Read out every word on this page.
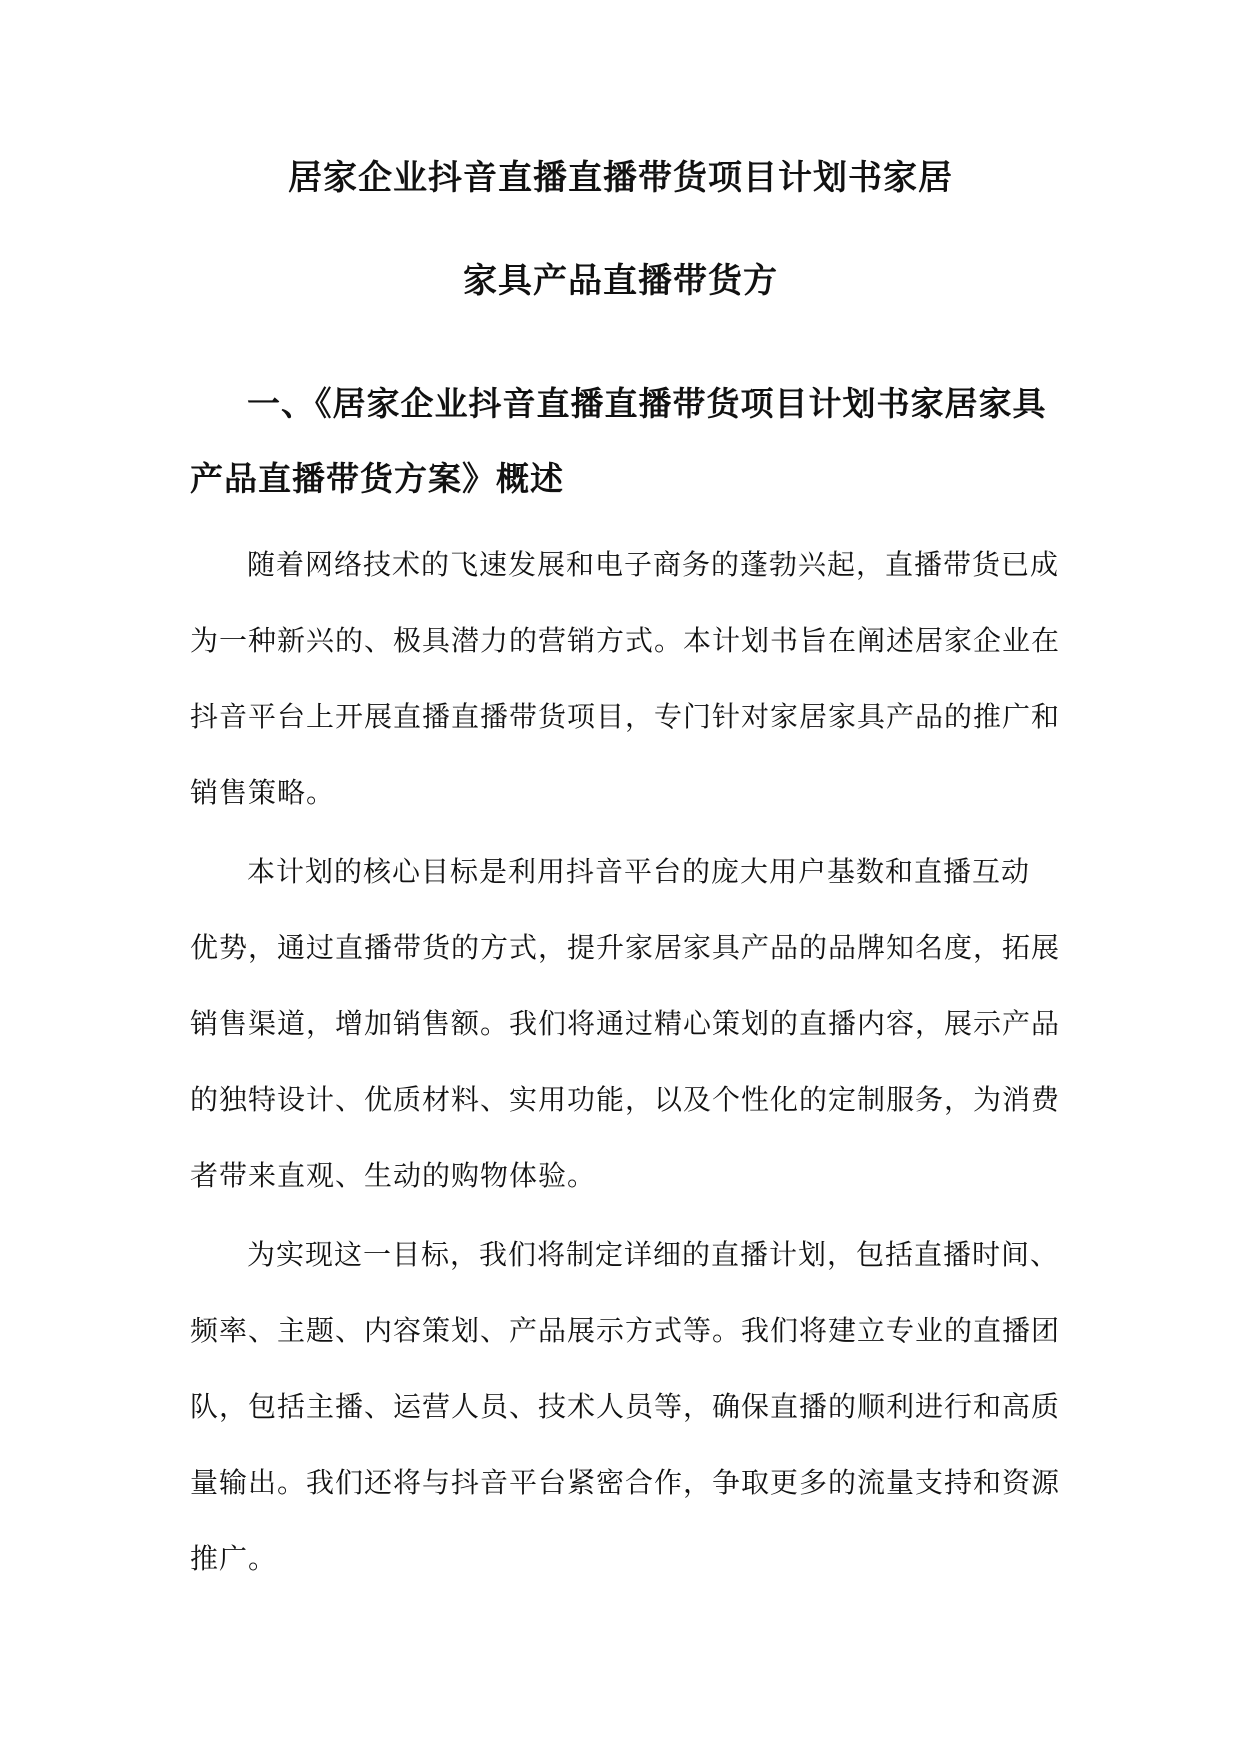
居家企业抖音直播直播带货项目计划书家居
家具产品直播带货方
一、《居家企业抖音直播直播带货项目计划书家居家具
产品直播带货方案》概述
随着网络技术的飞速发展和电子商务的蓬勃兴起，直播带货已成
为一种新兴的、极具潜力的营销方式。本计划书旨在阐述居家企业在
抖音平台上开展直播直播带货项目，专门针对家居家具产品的推广和
销售策略。
本计划的核心目标是利用抖音平台的庞大用户基数和直播互动
优势，通过直播带货的方式，提升家居家具产品的品牌知名度，拓展
销售渠道，增加销售额。我们将通过精心策划的直播内容，展示产品
的独特设计、优质材料、实用功能，以及个性化的定制服务，为消费
者带来直观、生动的购物体验。
为实现这一目标，我们将制定详细的直播计划，包括直播时间、
频率、主题、内容策划、产品展示方式等。我们将建立专业的直播团
队，包括主播、运营人员、技术人员等，确保直播的顺利进行和高质
量输出。我们还将与抖音平台紧密合作，争取更多的流量支持和资源
推广。
